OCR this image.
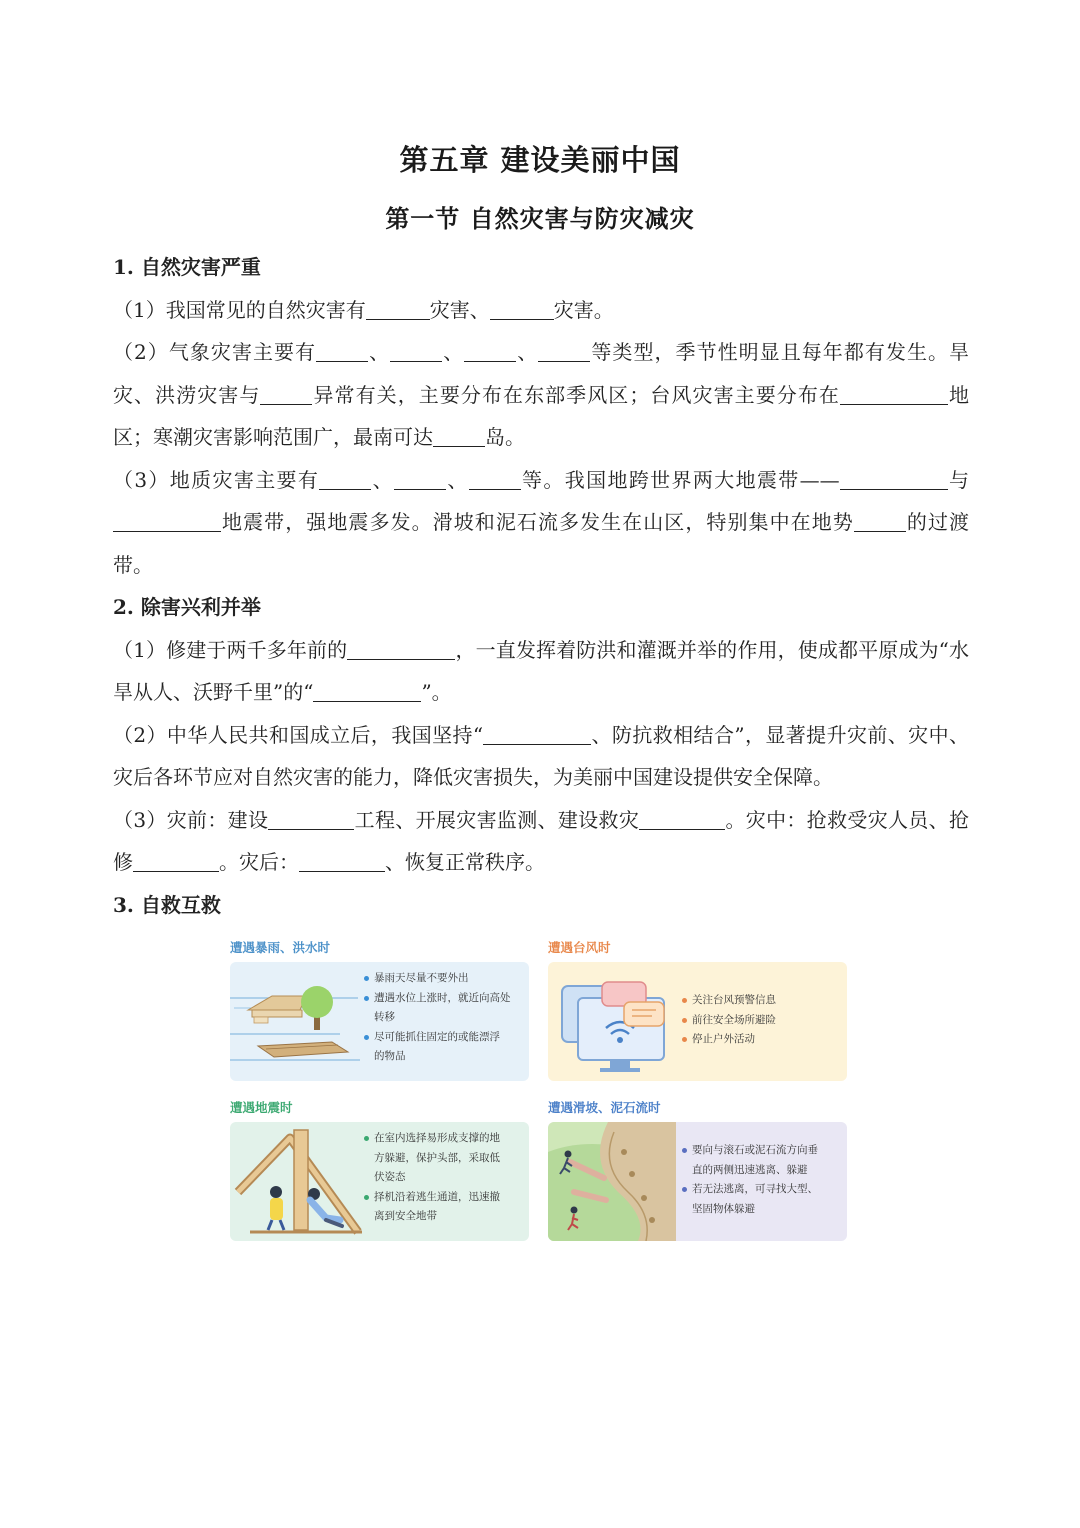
第五章 建设美丽中国
第一节 自然灾害与防灾减灾
1. 自然灾害严重
（1）我国常见的自然灾害有	灾害、	灾害。
（2）气象灾害主要有	、	、	、	等类型，季节性明显且每年都有发生。旱灾、洪涝灾害与	异常有关，主要分布在东部季风区；台风灾害主要分布在	地区；寒潮灾害影响范围广，最南可达	岛。
（3）地质灾害主要有	、	、	等。我国地跨世界两大地震带——	与地震带，强地震多发。滑坡和泥石流多发生在山区，特别集中在地势	的过渡带。
2. 除害兴利并举
（1）修建于两千多年前的	，一直发挥着防洪和灌溉并举的作用，使成都平原成为“水旱从人、沃野千里”的“	”。
（2）中华人民共和国成立后，我国坚持“	、防抗救相结合”，显著提升灾前、灾中、灾后各环节应对自然灾害的能力，降低灾害损失，为美丽中国建设提供安全保障。
（3）灾前：建设	工程、开展灾害监测、建设救灾	。灾中：抢救受灾人员、抢修	。灾后：	、恢复正常秩序。
3. 自救互救
遭遇暴雨、洪水时
暴雨天尽量不要外出
遭遇水位上涨时，就近向高处
转移
尽可能抓住固定的或能漂浮
的物品
遭遇台风时
关注台风预警信息
前往安全场所避险
停止户外活动
遭遇地震时
在室内选择易形成支撑的地
方躲避，保护头部，采取低
伏姿态
择机沿着逃生通道，迅速撤
离到安全地带
遭遇滑坡、泥石流时
要向与滚石或泥石流方向垂
直的两侧迅速逃离、躲避
若无法逃离，可寻找大型、
坚固物体躲避
